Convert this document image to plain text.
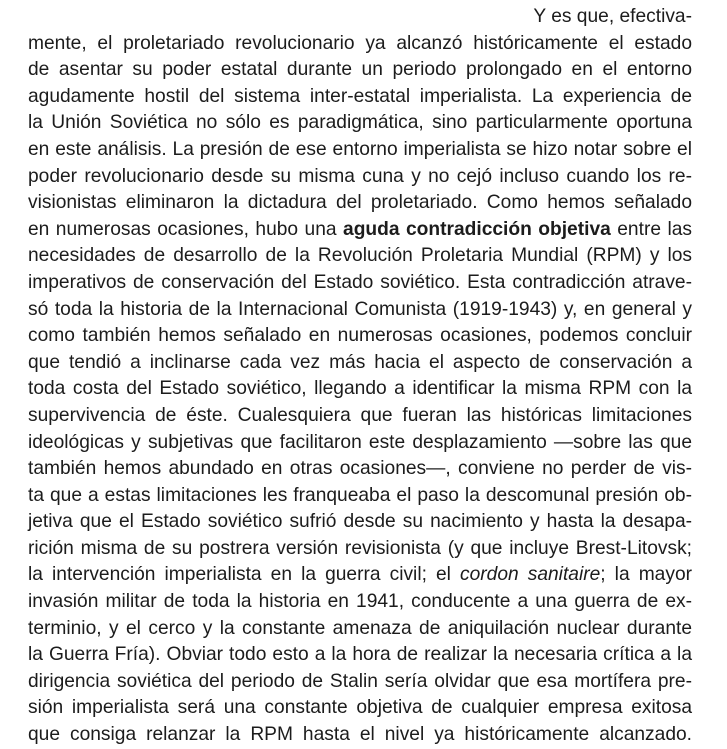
Y es que, efectiva-
mente, el proletariado revolucionario ya alcanzó históricamente el estado
de asentar su poder estatal durante un periodo prolongado en el entorno
agudamente hostil del sistema inter-estatal imperialista. La experiencia de
la Unión Soviética no sólo es paradigmática, sino particularmente oportuna
en este análisis. La presión de ese entorno imperialista se hizo notar sobre el
poder revolucionario desde su misma cuna y no cejó incluso cuando los re-
visionistas eliminaron la dictadura del proletariado. Como hemos señalado
en numerosas ocasiones, hubo una aguda contradicción objetiva entre las
necesidades de desarrollo de la Revolución Proletaria Mundial (RPM) y los
imperativos de conservación del Estado soviético. Esta contradicción atrave-
só toda la historia de la Internacional Comunista (1919-1943) y, en general y
como también hemos señalado en numerosas ocasiones, podemos concluir
que tendió a inclinarse cada vez más hacia el aspecto de conservación a
toda costa del Estado soviético, llegando a identificar la misma RPM con la
supervivencia de éste. Cualesquiera que fueran las históricas limitaciones
ideológicas y subjetivas que facilitaron este desplazamiento —sobre las que
también hemos abundado en otras ocasiones—, conviene no perder de vis-
ta que a estas limitaciones les franqueaba el paso la descomunal presión ob-
jetiva que el Estado soviético sufrió desde su nacimiento y hasta la desapa-
rición misma de su postrera versión revisionista (y que incluye Brest-Litovsk;
la intervención imperialista en la guerra civil; el cordon sanitaire; la mayor
invasión militar de toda la historia en 1941, conducente a una guerra de ex-
terminio, y el cerco y la constante amenaza de aniquilación nuclear durante
la Guerra Fría). Obviar todo esto a la hora de realizar la necesaria crítica a la
dirigencia soviética del periodo de Stalin sería olvidar que esa mortífera pre-
sión imperialista será una constante objetiva de cualquier empresa exitosa
que consiga relanzar la RPM hasta el nivel ya históricamente alcanzado.
